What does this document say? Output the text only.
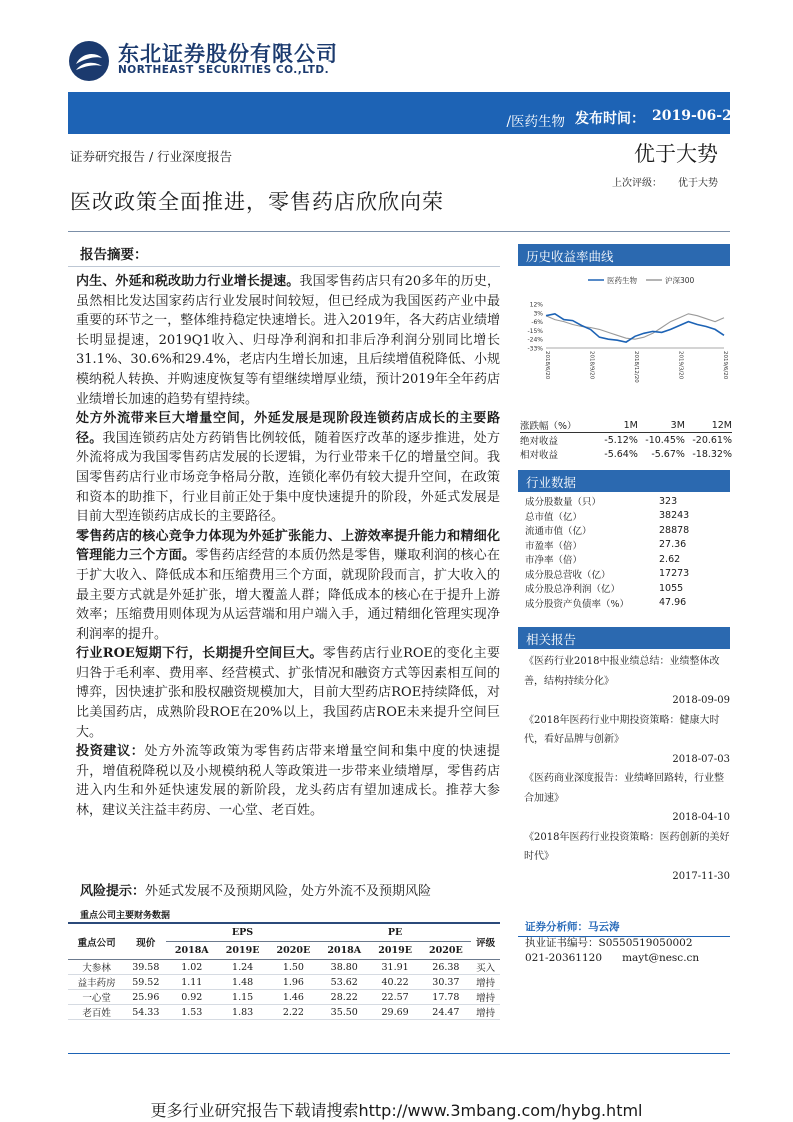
东北证券股份有限公司
NORTHEAST SECURITIES CO.,LTD.
/医药生物 发布时间： 2019-06-20
证券研究报告 / 行业深度报告	优于大势
上次评级： 优于大势
医改政策全面推进，零售药店欣欣向荣
报告摘要：
内生、外延和税改助力行业增长提速。我国零售药店只有20多年的历史，虽然相比发达国家药店行业发展时间较短，但已经成为我国医药产业中最重要的环节之一，整体维持稳定快速增长。进入2019年，各大药店业绩增长明显提速，2019Q1收入、归母净利润和扣非后净利润分别同比增长31.1%、30.6%和29.4%，老店内生增长加速，且后续增值税降低、小规模纳税人转换、并购速度恢复等有望继续增厚业绩，预计2019年全年药店业绩增长加速的趋势有望持续。
处方外流带来巨大增量空间，外延发展是现阶段连锁药店成长的主要路径。我国连锁药店处方药销售比例较低，随着医疗改革的逐步推进，处方外流将成为我国零售药店发展的长逻辑，为行业带来千亿的增量空间。我国零售药店行业市场竞争格局分散，连锁化率仍有较大提升空间，在政策和资本的助推下，行业目前正处于集中度快速提升的阶段，外延式发展是目前大型连锁药店成长的主要路径。
零售药店的核心竞争力体现为外延扩张能力、上游效率提升能力和精细化管理能力三个方面。零售药店经营的本质仍然是零售，赚取利润的核心在于扩大收入、降低成本和压缩费用三个方面，就现阶段而言，扩大收入的最主要方式就是外延扩张，增大覆盖人群；降低成本的核心在于提升上游效率；压缩费用则体现为从运营端和用户端入手，通过精细化管理实现净利润率的提升。
行业ROE短期下行，长期提升空间巨大。零售药店行业ROE的变化主要归咎于毛利率、费用率、经营模式、扩张情况和融资方式等因素相互间的博弈，因快速扩张和股权融资规模加大，目前大型药店ROE持续降低，对比美国药店，成熟阶段ROE在20%以上，我国药店ROE未来提升空间巨大。
投资建议：处方外流等政策为零售药店带来增量空间和集中度的快速提升，增值税降税以及小规模纳税人等政策进一步带来业绩增厚，零售药店进入内生和外延快速发展的新阶段，龙头药店有望加速成长。推荐大参林，建议关注益丰药房、一心堂、老百姓。
风险提示：外延式发展不及预期风险，处方外流不及预期风险
重点公司主要财务数据
重点公司	现价	EPS			PE			评级
		2018A	2019E	2020E	2018A	2019E	2020E	
大参林	39.58	1.02	1.24	1.50	38.80	31.91	26.38	买入
益丰药房	59.52	1.11	1.48	1.96	53.62	40.22	30.37	增持
一心堂	25.96	0.92	1.15	1.46	28.22	22.57	17.78	增持
老百姓	54.33	1.53	1.83	2.22	35.50	29.69	24.47	增持
历史收益率曲线
医药生物	沪深300
12%
3%
-6%
-15%
-24%
-33%
2018/6/20	2018/9/20	2018/12/20	2019/3/20	2019/6/20
涨跌幅（%）	1M	3M	12M
绝对收益	-5.12%	-10.45%	-20.61%
相对收益	-5.64%	-5.67%	-18.32%
行业数据
成分股数量（只）	323
总市值（亿）	38243
流通市值（亿）	28878
市盈率（倍）	27.36
市净率（倍）	2.62
成分股总营收（亿）	17273
成分股总净利润（亿）	1055
成分股资产负债率（%）	47.96
相关报告
《医药行业2018中报业绩总结：业绩整体改善，结构持续分化》
2018-09-09
《2018年医药行业中期投资策略：健康大时代，看好品牌与创新》
2018-07-03
《医药商业深度报告：业绩峰回路转，行业整合加速》
2018-04-10
《2018年医药行业投资策略：医药创新的美好时代》
2017-11-30
证券分析师：马云涛
执业证书编号：S0550519050002
021-20361120 mayt@nesc.cn
更多行业研究报告下载请搜索http://www.3mbang.com/hybg.html
